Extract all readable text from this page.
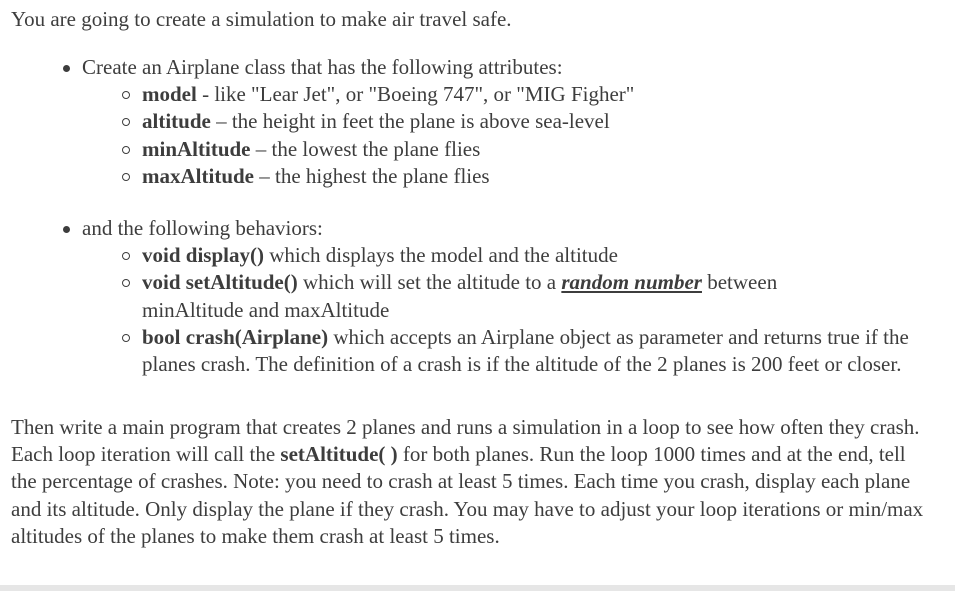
You are going to create a simulation to make air travel safe.

Create an Airplane class that has the following attributes:
model - like "Lear Jet", or "Boeing 747", or "MIG Figher"
altitude – the height in feet the plane is above sea-level
minAltitude – the lowest the plane flies
maxAltitude – the highest the plane flies
and the following behaviors:
void display() which displays the model and the altitude
void setAltitude() which will set the altitude to a random number between minAltitude and maxAltitude
bool crash(Airplane) which accepts an Airplane object as parameter and returns true if the planes crash. The definition of a crash is if the altitude of the 2 planes is 200 feet or closer.

Then write a main program that creates 2 planes and runs a simulation in a loop to see how often they crash. Each loop iteration will call the setAltitude( ) for both planes. Run the loop 1000 times and at the end, tell the percentage of crashes. Note: you need to crash at least 5 times. Each time you crash, display each plane and its altitude. Only display the plane if they crash. You may have to adjust your loop iterations or min/max altitudes of the planes to make them crash at least 5 times.
